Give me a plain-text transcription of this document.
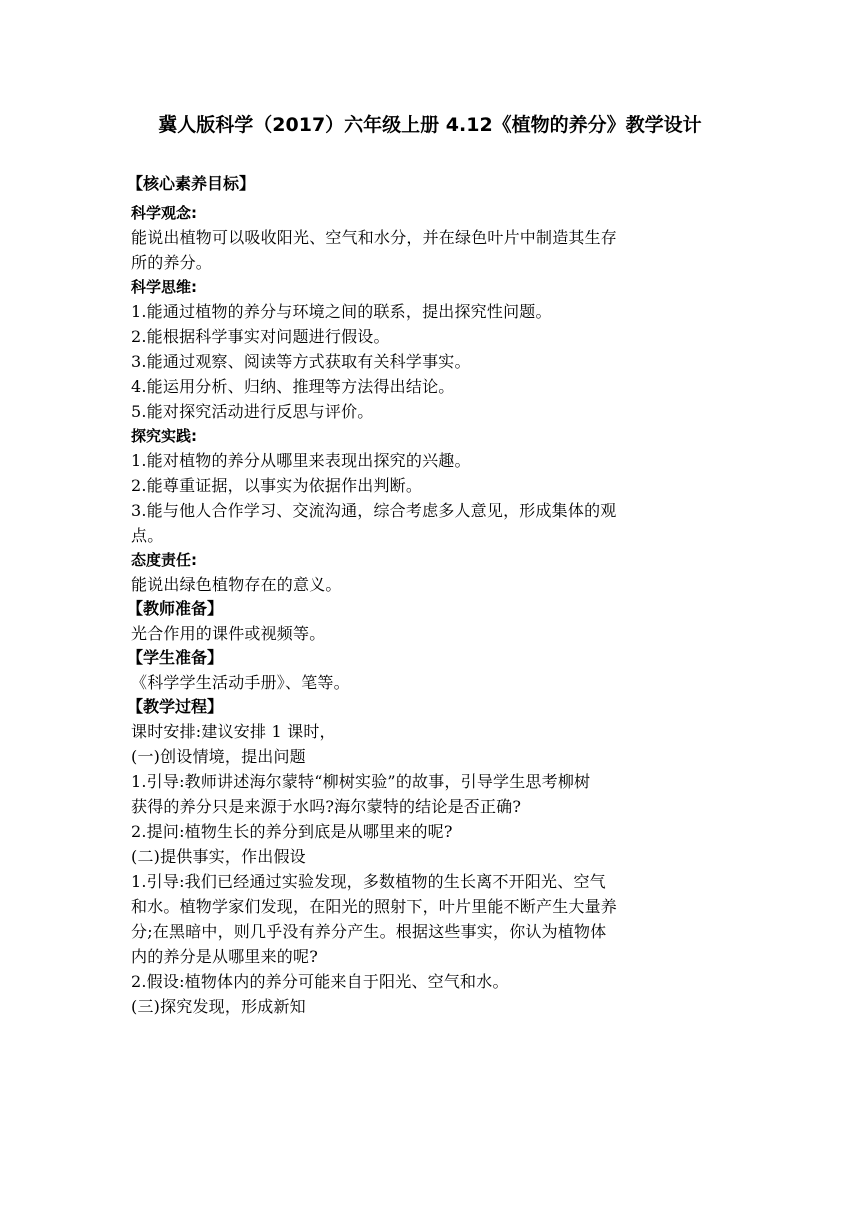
冀人版科学（2017）六年级上册 4.12《植物的养分》教学设计
【核心素养目标】
科学观念:
能说出植物可以吸收阳光、空气和水分，并在绿色叶片中制造其生存
所的养分。
科学思维:
1.能通过植物的养分与环境之间的联系，提出探究性问题。
2.能根据科学事实对问题进行假设。
3.能通过观察、阅读等方式获取有关科学事实。
4.能运用分析、归纳、推理等方法得出结论。
5.能对探究活动进行反思与评价。
探究实践:
1.能对植物的养分从哪里来表现出探究的兴趣。
2.能尊重证据，以事实为依据作出判断。
3.能与他人合作学习、交流沟通，综合考虑多人意见，形成集体的观
点。
态度责任:
能说出绿色植物存在的意义。
【教师准备】
光合作用的课件或视频等。
【学生准备】
《科学学生活动手册》、笔等。
【教学过程】
课时安排:建议安排 1 课时，
(一)创设情境，提出问题
1.引导:教师讲述海尔蒙特“柳树实验”的故事，引导学生思考柳树
获得的养分只是来源于水吗?海尔蒙特的结论是否正确?
2.提问:植物生长的养分到底是从哪里来的呢?
(二)提供事实，作出假设
1.引导:我们已经通过实验发现，多数植物的生长离不开阳光、空气
和水。植物学家们发现，在阳光的照射下，叶片里能不断产生大量养
分;在黑暗中，则几乎没有养分产生。根据这些事实，你认为植物体
内的养分是从哪里来的呢?
2.假设:植物体内的养分可能来自于阳光、空气和水。
(三)探究发现，形成新知
